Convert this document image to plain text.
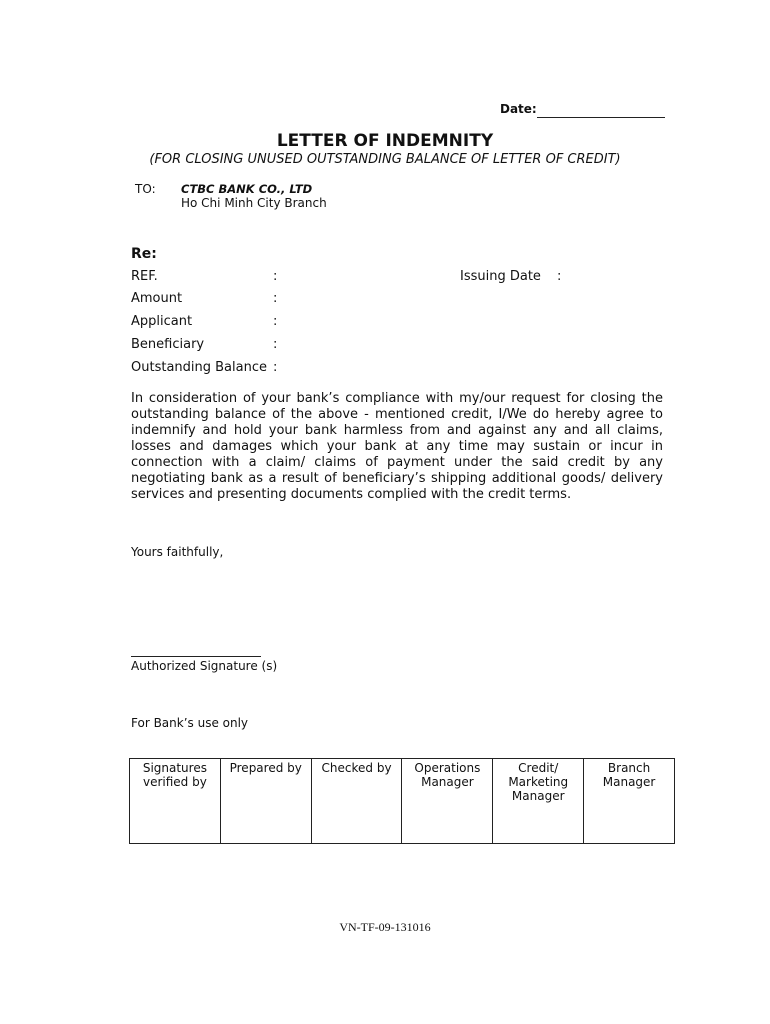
Date:
LETTER OF INDEMNITY
(FOR CLOSING UNUSED OUTSTANDING BALANCE OF LETTER OF CREDIT)
TO: CTBC BANK CO., LTD
Ho Chi Minh City Branch
Re:
REF.	:	Issuing Date :
Amount	:
Applicant	:
Beneficiary	:
Outstanding Balance :
In consideration of your bank’s compliance with my/our request for closing the outstanding balance of the above - mentioned credit, I/We do hereby agree to indemnify and hold your bank harmless from and against any and all claims, losses and damages which your bank at any time may sustain or incur in connection with a claim/ claims of payment under the said credit by any negotiating bank as a result of beneficiary’s shipping additional goods/ delivery services and presenting documents complied with the credit terms.
Yours faithfully,
Authorized Signature (s)
For Bank’s use only
Signatures verified by	Prepared by	Checked by	Operations Manager	Credit/ Marketing Manager	Branch Manager
VN-TF-09-131016
